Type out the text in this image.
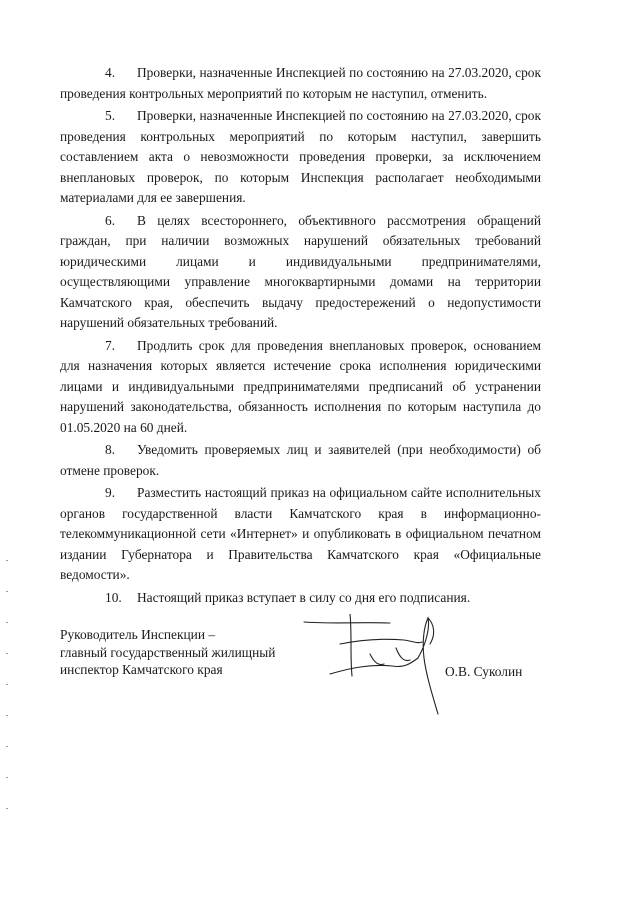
4. Проверки, назначенные Инспекцией по состоянию на 27.03.2020, срок проведения контрольных мероприятий по которым не наступил, отменить.

5. Проверки, назначенные Инспекцией по состоянию на 27.03.2020, срок проведения контрольных мероприятий по которым наступил, завершить составлением акта о невозможности проведения проверки, за исключением внеплановых проверок, по которым Инспекция располагает необходимыми материалами для ее завершения.

6. В целях всестороннего, объективного рассмотрения обращений граждан, при наличии возможных нарушений обязательных требований юридическими лицами и индивидуальными предпринимателями, осуществляющими управление многоквартирными домами на территории Камчатского края, обеспечить выдачу предостережений о недопустимости нарушений обязательных требований.

7. Продлить срок для проведения внеплановых проверок, основанием для назначения которых является истечение срока исполнения юридическими лицами и индивидуальными предпринимателями предписаний об устранении нарушений законодательства, обязанность исполнения по которым наступила до 01.05.2020 на 60 дней.

8. Уведомить проверяемых лиц и заявителей (при необходимости) об отмене проверок.

9. Разместить настоящий приказ на официальном сайте исполнительных органов государственной власти Камчатского края в информационно-телекоммуникационной сети «Интернет» и опубликовать в официальном печатном издании Губернатора и Правительства Камчатского края «Официальные ведомости».

10. Настоящий приказ вступает в силу со дня его подписания.

Руководитель Инспекции –
главный государственный жилищный
инспектор Камчатского края	О.В. Суколин
